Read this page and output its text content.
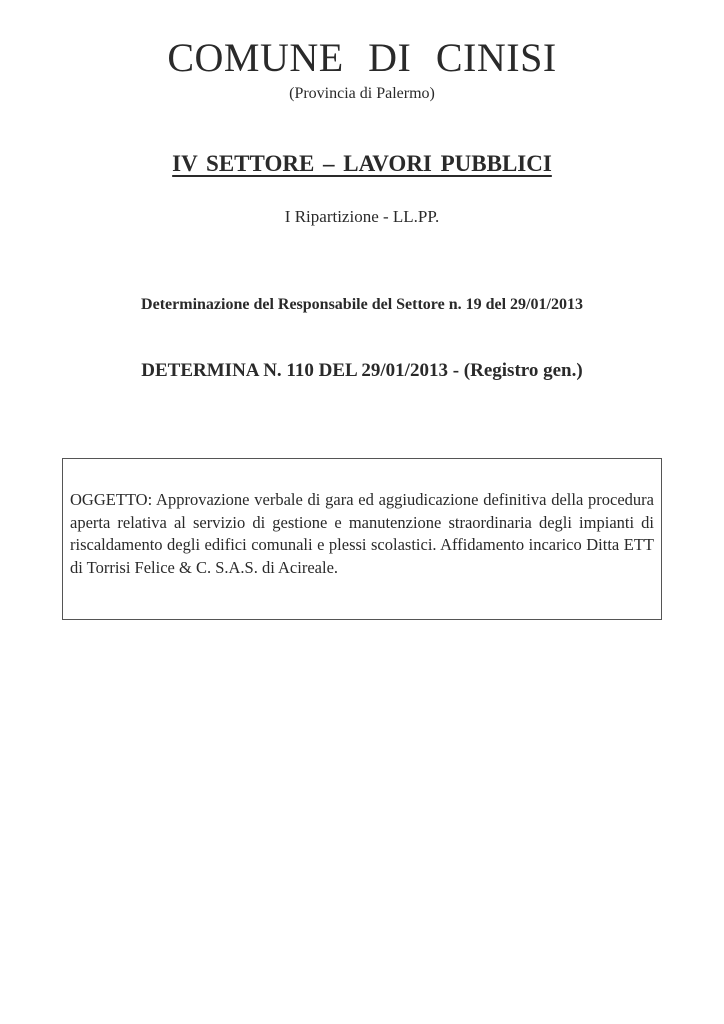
COMUNE DI CINISI
(Provincia di Palermo)
IV SETTORE – LAVORI PUBBLICI
I Ripartizione - LL.PP.
Determinazione del Responsabile del Settore n. 19 del 29/01/2013
DETERMINA N. 110 DEL 29/01/2013 - (Registro gen.)
OGGETTO: Approvazione verbale di gara ed aggiudicazione definitiva della procedura aperta relativa al servizio di gestione e manutenzione straordinaria degli impianti di riscaldamento degli edifici comunali e plessi scolastici. Affidamento incarico Ditta ETT di Torrisi Felice & C. S.A.S. di Acireale.
